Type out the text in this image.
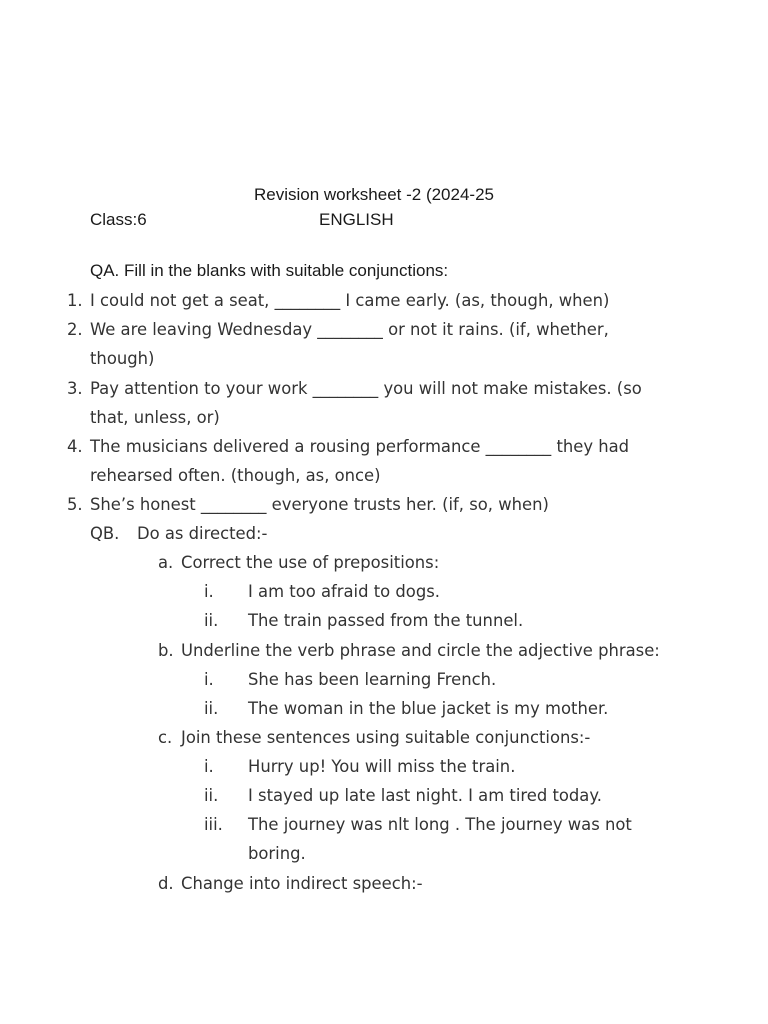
Revision worksheet -2 (2024-25
Class:6	ENGLISH
QA. Fill in the blanks with suitable conjunctions:
1. I could not get a seat, ________ I came early. (as, though, when)
2. We are leaving Wednesday ________ or not it rains. (if, whether,
though)
3. Pay attention to your work ________ you will not make mistakes. (so
that, unless, or)
4. The musicians delivered a rousing performance ________ they had
rehearsed often. (though, as, once)
5. She’s honest ________ everyone trusts her. (if, so, when)
QB. Do as directed:-
a. Correct the use of prepositions:
i. I am too afraid to dogs.
ii. The train passed from the tunnel.
b. Underline the verb phrase and circle the adjective phrase:
i. She has been learning French.
ii. The woman in the blue jacket is my mother.
c. Join these sentences using suitable conjunctions:-
i. Hurry up! You will miss the train.
ii. I stayed up late last night. I am tired today.
iii. The journey was nlt long . The journey was not
boring.
d. Change into indirect speech:-
